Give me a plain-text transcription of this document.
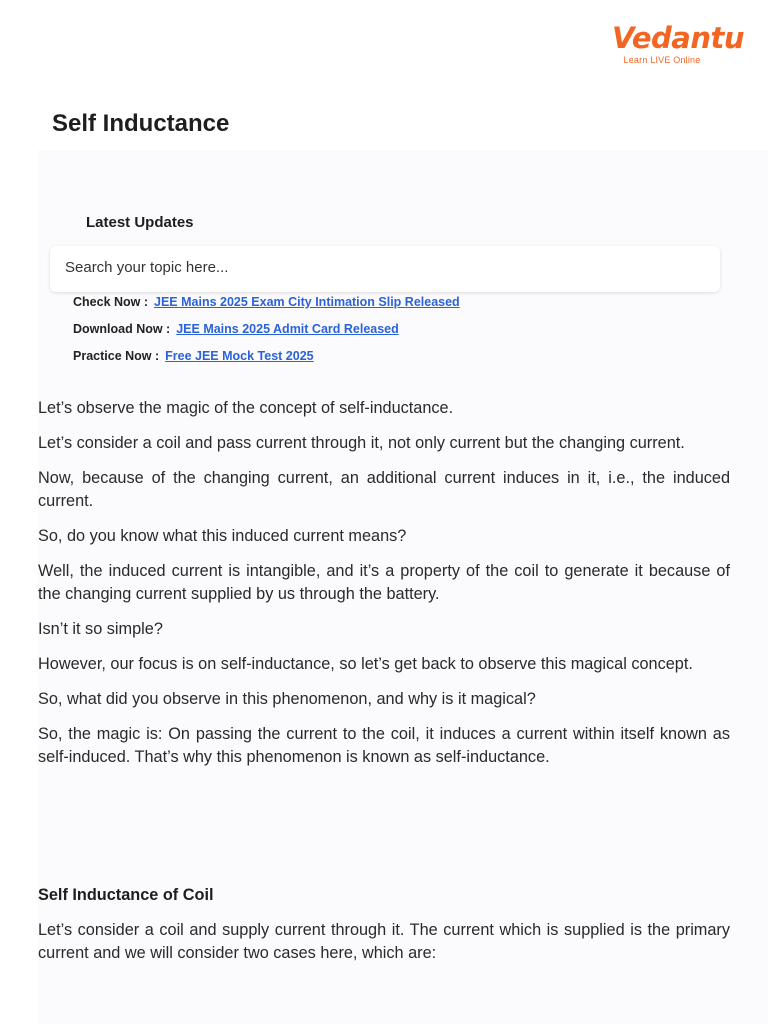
Vedantu
Learn LIVE Online
Self Inductance
Latest Updates
Search your topic here...
Check Now : JEE Mains 2025 Exam City Intimation Slip Released
Download Now : JEE Mains 2025 Admit Card Released
Practice Now : Free JEE Mock Test 2025

Let’s observe the magic of the concept of self-inductance.

Let’s consider a coil and pass current through it, not only current but the changing current.

Now, because of the changing current, an additional current induces in it, i.e., the induced current.

So, do you know what this induced current means?

Well, the induced current is intangible, and it’s a property of the coil to generate it because of the changing current supplied by us through the battery.

Isn’t it so simple?

However, our focus is on self-inductance, so let’s get back to observe this magical concept.

So, what did you observe in this phenomenon, and why is it magical?

So, the magic is: On passing the current to the coil, it induces a current within itself known as self-induced. That’s why this phenomenon is known as self-inductance.

Self Inductance of Coil

Let’s consider a coil and supply current through it. The current which is supplied is the primary current and we will consider two cases here, which are:
